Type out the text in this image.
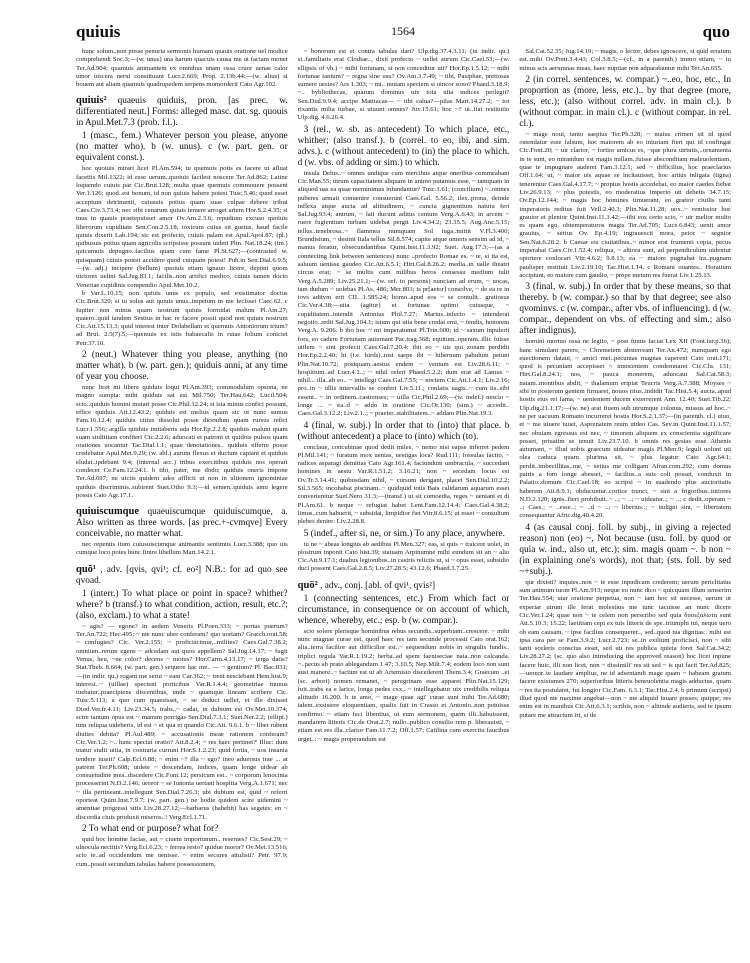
quiuis	1564	quo

hunc solum..non posse penuria sermonis humani quauis oratione uel modice comprehendi Soc.3;—(w. unus) una harum quacuis causa me ut faciam monet Ter.Ad.904; quamuis animantem ex omnibus unam ossa cruor uenae calor umor uiscera nerui constituunt Lucr.2.669; Prop. 2.13b.44;—(w. alius) si bouem aut aliam quamuis quadrupedem serpens momorderit Cato Agr.102.

quiuis² quaeuis quiduis, pron. [as prec. w. differentiated neut.] Forms: alleged masc. dat. sg. quouis in Apul.Met.7.3 (prob. f.l.).

1 (masc., fem.) Whatever person you please, anyone (no matter who). b (w. unus). c (w. part. gen. or equivalent const.).

hoc quoiuis mirari licet Pl.Am.594; tu quemuis potis es facere ut afluat facetiis Mil.1322; id esse uerum..quoiuis facilest noscere Ter.Ad.862; Latine loquendo cuiuis par Cic.Brut.128; multa quae quemuis commouere possent Ver.1.126; quod..est bonum, id non quiuis habere potest Tusc.5.46; quod esset acceptum detrimenti, cuiusuis potius quam suae culpae debere tribui Caes.Civ.3.73.4; nec sibi cenarum quiuis temere arroget artem Hor.S.2.4.35; si tuus in quauis praetepuisset amor Ov.Am.2.3.6; repudium excuso quoiuis liberorum cupiditate Sen.Con.2.5.18; toxicum cuius sit gustus, haud facile quiuis dixerit Lab.194; sic est profecto, cuiuis palam est Apul.Apol.87; (pl.) quibusuis potius quam agricolis scripsisse possunt uideri Plin. Nat.18.24; (tm.) quicumuis depugno..facilius quam cum fame Pl.St.627;—(contrasted w. quisquam) cuiuis potest accidere quod cuiquam potest! Pub.in Sen.Dial.6.9.5;—(w. adj.) incipere (bellum) quoiuis etiam ignauo licere, deponi quom uictores uelint Sal.Jug.83.1; facilis..non artifici medico, cuiuis tamen docto Veneriae cupidinis compendio Apul.Met.10.2.

b Var.L.10.15; non quiuis unus ex populo, sed existimator doctus Cic.Brut.320; si tu solus aut quiuis unus..impetum in me fecisset Caec.62. c Iupiter non minus quam uostrum quiuis formidat malum Pl.Am.27; quaero..quid tandem Sestius in hac re facere possit quod non quiuis nostrum Cic.Att.15.13.3; quid interest inter Dolabellam et quemuis Antoniorum trium? ad Brut. 2.5(7).5;—quemuis ex istis babaecalis in rutae folium coniciet Petr.37.10.

2 (neut.) Whatever thing you please, anything (no matter what). b (w. part. gen.); quiduis anni, at any time of year you choose.

nunc licet mi libere quiduis loqui Pl.Am.393; commodulum opsona, ne magno sumpta: mihi quiduis sat est Mil.750; Ter.Hau.642; Lucil.504; scio..quiduis homini mutari posse Cic.Phil.12.24; si ista minus confici possunt, effice quiduis Att.12.43.2; quiduis est melius quam sic ut nunc sumus Fam.16.12.4; quiduis citius dissolui posse dicendum quam rursus refici Lucr.1.556; argilla quiduis imitaberis uda Hor.Ep.2.2.8; quiduis malunt quam suam stultitiam confiteri Cic.2.2.6; aduocati et patroni et quidois pulsos quam orationes uocantur Tac.Dial.1.1; quae denotationes.. quiduis efferre posse credebatur Apul.Met.9.29; (w. abl.) aurum flexus et ductum capiant et quiduis eludat..ipdebant 9.4; (internal acc.) tribus exercitibus quiduis nos operari condecet Ce.Fam.12.24.1. b tibi, pater, me dodo; quiduis oneris impone Ter.Ad.697; ne uictis quidem ades afflicti ut non in ultionem ignominiae quiduis discriminis..subirent Suet.Otho 9.3;—id semen..quiduis anni legere possis Cato Agr.17.1.

quiuiscumque quaeuiscumque quiduiscumque, a. Also written as three words. [as prec.+-cvmqve] Every conceivable, no matter what.

nec repentis itum cuiusuiscumque animantis sentimus Lucr.3.388; quo uis cumque loco potes hunc finire libellum Mart.14.2.1.

quō¹ , adv. [qvis, qvi¹; cf. eo²] N.B.: for ad quo see qvoad.

1 (interr.) To what place or point in space? whither? where? b (transf.) to what condition, action, result, etc.?; (also, exclam.) to what a state!

~ agis? — egone? in aedem Veneris Pl.Poen.333; ~ portas puerum? Ter.An.722; Hec.495; ~ me nunc uber conferam? quo uortam? Gracch.orat.58; ~ confugies? Cic. Ver.2.155; ~ proficiscimur,..milites? Caes.Gal.7.38.2; omnium..rerum egens ~ adcedam aut quos appellem? Sal.Jug.14.17; ~ fugit Venus, heu, ~ne color? decens ~ motus? Hor.Carm.4.13.17; ~ terga datis? Stat.Theb. 8.664; (w. part. gen.) sequere hac me.. — ~ gentium? Pl. Bac.831;—(in indir. qu.) rogant me serui ~ eam Car.362; ~ irent nesciebant Hem.hist.9; interest..~ (uillae) spectent porticibus Var.R.1.4.4; geometriae munus tuebatur..praecipiens discentibus, unde ~ quamque lineam scribere Cic. Tusc.5.113; a quo cum quaesisset, ~ se deduci uellet, et ille dixisset Diod.Ver.fr.4.11; Liv.23.34.5; trabs..~ cadat, in dubium est Ov.Met.10.374; scire tantum opus est ~ manum porrigas Sen.Dial.7.3.1; Suet.Ner.2.2; (ellipt.) tum reliqua uideberis, id est ~ et qua et quando Cic.Att. 9.6.1. b ~ libet rubent diuites debita? Pl.Aul.489; ~ accusationis meae rationem conferam? Cic.Ver.1.2; ~.. hanc spectat oratio? Att.8.2.4; ~ res haec pertinet?' Illuc: dum utatur stulti uitia, in contraria currunt Hor.S.1.2.23; quid fortia, ~ uos insania tendere iussit? Calp.Ecl.6.88; ~ enim ~? illa ~ ego? ineo aduersus irae ... at patrem Ter.Ph.608; uidete ~ descendam, iudices, quam longe uidear ab consuetudine mea..discedere Cic.Font.12; persicum est.. ~ corporum lenocinia processerint N.D.2.146; uereor ~ se Iunonia uertant hospitia Verg.A.1.671; nec ~ illa pertineant..intellegunt Sen.Dial.7.26.3; ubi dubium est, quid ~ referri oporteat Quint.Inst.7.9.7; (w. part. gen.) ne hodie quidem scire uidemini ~ amentiae progressi sitis Liv.28.27.12;—barbarus (habebit) has segetes: en ~ discordia ciuis produxit miseros..! Verg.Ecl.1.71.

2 To what end or purpose? what for?

quid hoc homine facias, aut ~ ciuem importunum.. reserues? Cic.Sest.29; ~ ulnocula nectitis? Verg.Ecl.6.23; ~ ferrea resto? quidue moror? Ov.Met.13.516; scio te..ad occidendum me uenisse. ~ enim secures attulisti? Petr. 97.9; cum..possit secundum tabulas habere possessionem,

~ bonorum est ei contra tabulas dari? Ulp.dig.37.4.3.11; (in indir. qu.) si..familiaris erat Clodiae.., dixit profecto ~ uellet aurum Cic.Cael.53;—(w. ellipsis of vb.) ~ mihi fortunam, si non conceditur uti? Hor.Ep.1.5.12; ~ mihi fortunae tantum? ~ regna sine usu? Ov.Am.3.7.49; ~ tibi, Pasiphae, pretiosas sumere uestes? Ars 1.303; ~ mi.. mutam speciem si uincor sono? Phaed.3.18.9; ~.. bybliothecas, quarum dominus uix tota uita indices perlegit? Sen.Dial.9.9.4; accipe Mattiacas— ~ tibi calua?—pilas Mart.14.27.2; ~ tot rixantis milia turbae, si uiuunt omnes? Juv.15.61; hoc ~? ut..fiat restitutio Ulp.dig. 4.6.26.4.

3 (rel., w. sb. as antecedent) To which place, etc., whither; (also transf.). b (correl. to eo, ibi, and sim. advs.). c (without antecedent) to (in) the place to which. d (w. vbs. of adding or sim.) to which.

insula Delus..~ omnes undique cum mercibus atque oneribus commeabant Cic.Man.55; utrum capacitatem aliquam in animo putamus esse, ~ tamquam in aliquod uas ea quae meminimus infundantur? Tusc.1.61; (concilium) ~..omnes puberes armati conuenire consuerunt Caes.Gal. 5.56.2; ilex..prona, deinde inflexa atque aucta ad altitudinem, ~ cuncta gignentium natura fert Sal.Jug.93.4; antrum, ~ lati ducunt aditus centum Verg.A.6.43; in arcem ~ ruere fugientium turbam uidebat pergit Liv.4.34.2; 23.35.5; Aug.Anc.5.15; tellus..tenebrosa..~ flammea numquam Sol iuga..mittit V.Fl.3.400; Brundisium, ~ desinit Itala tellus Sil.8.574; capite atque umeris sensim ad id, ~ manus feratur, obsecundantibus Quint.Inst.11.3.92; Suet. Aug.17.3;—(as a connecting link between sentences) nunc ..profecto Romae es. ~ te, si ita est, saluum uenisse gaudeo Cic.Att.6.5.1; Hirt.Gal.8.26.2; media..in ualle theatri circus erat; ~ se multis cum milibus heros consessu medium tulit Verg.A.5.289; Liv.25.21.1;—(w. ref. to persons) nunciam ad erum, ~ uocas, iam dudum ~ uolebas Pl.As. 486; Mer.803; is pr[aetor] consolve, ~ de ea re in iovs aditvm erit CIL 1.585.24; homo..apud eos ~ se contulit.. gratiosus Cic.Ver.4.38;—uita (agitur) et fortunae optimi cuiusque, ~ cupiditatem..intendit Antonius Phil.7.27; Marius..infecto ~ intenderat negotio..redit Sal.Jug.104.1; istum qui uita bene credat emi, ~ tendis, honorem Verg.A. 9.206. b ibo huc ~ mi imperatumst Pl.Trin.600; id ~ saxum inpulerit fors, eo cadere Fortunam autumant Pac.trag.368; equitum..operam..illic fuisse utilem ~ sint profecti Caes.Gal.7.20.4; ibit eo ~ uis qui zonam perdidit Hor.Ep.2.2.40; hi (i.e. birds)..nisi saepe ibi ~ hibernum pabulum petunt Plin.Nat.10.72; postquam..aestus endem ~ ventum est Liv.28.6.11; ~ hospitium..ad Lucr.4.1..; ~ nihil refert Phaed.5.2.2; dum erat ad Lamus ~ nihil... illa..ab eo.. ~ intellegi Caes.Gal.7.55; ~ noctem Cic.Att.1.4.1; Liv.2.16; pro..in ~ ullis intervallis se confert Liv.5.11.; conlatis uagis..~ cum iis..sibi essent.. ~ in ordinem..castrenses; ~ uilla Cic.Phil.2.69;—(w. indef.) nescio ~ longe ... ~ ea..d ~ addo in oratione Cic.Or.130; (sim.) ~ accedit.. Caes.Gal.3.12.2; Liv.2.1..; ~ praeter..stabilitatem..~ addam Plin.Nat.19.3.

4 (final, w. subj.) In order that to (into) that place. b (without antecedent) a place to (into) which (to).

conclaue, concubinae quod dedit miles, ~ nemo nisi eapse inferret pedem Pl.Mil.141; ~ furatum mox uenias, uestigas loca? Rud.111; fossulas facito, ~ radices asparagi demittas Cato Agr.161.4; faciundum umbracula, ~ succedant homines in aestu Var.R.1.51.2; 3.16.21; non ~ secedam locus est Ov.Tr.3.14.41; quibusdam nihil, ~ cursum derigant, placet Sen.Dial.10.2.2; Sil.3.565; incohabat piscinam..~ quidquid totis Bais calidarum aquarum esset converteretur Suet.Nero 31.3;—(transf.) ut sit comoedia, reges ~ ueniant et di Pl.Am.61. b neque ~ refugiat habet Lent.Fam.12.14.4; Caes.Gal.4.38.2; limus..cum habuerit, ~ subsidat, limpidior fiet Vitr.8.6.15; ut esset ~ consultum plebes denire: Liv.2.28.8.

5 (indef., after si, ne, or sim.) To any place, anywhere.

tu ne ~ abeas longius ab aedibus Pl.Men.327; eas, si quis ~ traicere uolet, in plostrum inponit Cato hist.39; statuam Arpinumne mihi eundum sit an ~ alio Cic.Att.9.17.1; duabus legionibus..in castris relictis ut, si ~ opus esset, subsidio duci possent Caes.Gal.2.8.5; Liv.27.28.5; 43.12.6; Phaed.3.7.25.

quō² , adv., conj. [abl. of qvi¹, qvis²]

1 (connecting sentences, etc.) From which fact or circumstance, in consequence or on account of which, whence, whereby, etc.; esp. b (w. compar.).

scio solere plerisque hominibus rebus secundis..superbiam..crescere. ~ mihi nunc magnae curae est, quod haec res tam secunde processit Cato orat.162; alia..terra facilior aut difficilior est..~ sequendum nobis in singulis fundis.. triplici regula Var.R.1.19.2; herba..ad spem faeniseciae nata..non calcanda. ~..pecus ab prato ablegandum 1.47; 3.10.5; Nep.Milt.7.4; eodem loco non sunt ausi manere..~ factum est ut ab Artemisio discederent Them.3.4; Graecum ..ei (sc. arbori) nomen remanet, ~ peregrinam esse apparet Plin.Nat.15.129; fuit..trabs ea e larice, longa pedes cxx.. ~ intellegebatur uix credibilis reliqua altitudo 16.200. b te amo, ~ mage quae agi' curae sunt mihi Ter.Ad.680; talem..exsistere eloquentiam, qualis fuit in Crasso et Antonio..non potuisse confirmo. ~ etiam feci libentius, ut eum sermonem, quem illi..habuissent, mandarem litteris Cic.de Orat.2.7; nullo..publico consilio rem p. liberauisti, ~ etiam est res illa..clarior Fam.11.7.2; Off.1.57; Catilina cum exercitu faucibus urget..: ~ magis properandum est

Sal.Cat.52.35; Jug.14.19; ~ magis, o lector, debes ignoscere, si quid erratum est..mihi Ov.Pont.3.4.43; Col.3.8.5;—(cf., in a parenth.) immo etiam, ~ tu minus scis aerumnas meas, haec nuptiae non adparabantur mihi Ter.An.655.

2 (in correl. sentences, w. compar.) ~..eo, hoc, etc., In proportion as (more, less, etc.).. by that degree (more, less, etc.); (also without correl. adv. in main cl.). b (without compar. in main cl.). c (without compar. in rel. cl.).

~ mage noui, tanto saepius Ter.Ph.328; ~ maius crimen sit id quod ostendatur esse falsum, hoc maiorem ab eo iniuriam fieri qui id confingat Cic.Font.20; ~ uir clarior, ~ fortior amicus es, ~que plura uirtutis,..ornamenta in te sunt, eo mirandum est magis nullam..fuisse absconditam maleuolentiam, quae te impugnare auderet Fam.3.12.1; sed ~ difficilius, hoc praeclarius Off.1.64; ut, ~ maior uis aquae se incitauisset, hoc artius inligata (tigna) tenerentur Caes.Gal.4.17.7; ~ propius hostis accedebat, eo maior caedes fiebat Liv.26.9.13; ~ plus potestis, eo moderatius imperio uti debetis 34.7.15; Ov.Ep.12.144; ~ magis hoc homines timuerant, eo gratior ciuilis tanti imperatoris reditus fuit Vell.2.40.3; Plin.Nat.11.28; uox..~ remissior hoc grauior et plenior Quint.Inst.11.3.42;—tibi eos certo scio, ~ uir melior multo es quam ego, obtemperaturos magis Ter.Ad.705; Luce.6.843; uenit amor grauius, ~ serius Ov. Ep.4.19; ingrauescit mora, peior ~ segnior Sen.Nat.6.28.2. b Caesar eis ciuitatibus..~ minor erat frumenti copia, pecus imperabat Caes.Civ.1.52.4; reliqua, ~ altiora sunt, ad perpendiculum uidentur oportere conlocari Vitr.4.6.2; 9.8.13; ea ~ maiore pugnabat ira..pugnam paulisper restituit Liv.2.19.10; Tac.Hist.1.14. c Romani ouantes.. Horatium accipiunt, eo maiore cum gaudio, ~ prope metum res fuerat Liv.1.25.13.

3 (final, w. subj.) In order that by these means, so that thereby. b (w. compar.) so that by that degree; see also qvominvs. c (w. compar., after vbs. of influencing). d (w. compar., dependent on vbs. of effecting and sim.; also after indignus).

homini mortuo ossa ne legito, ~ post funus faciat Lex XII (Font.iur.p.36); hanc simulant parere, ~ Chremetem absterreant Ter.An.472; numquam ego euectionem dataui, ~ amici mei..pecunias magnas caperent Cato orat.171; quod is pecuniam accepisset ~ innocentem condemnaret Cic.Clu. 131; Hirt.Gal.8.24.1; nos, ~ pauca monerem, aduocaui Sal.Cat.58.3; natam..montibus abdit, ~ thalamum eripiat Teucris Verg.A.7.388; Moyses ~ sibi in posterum gentem firmaret, nouos ritus..indidit Tac.Hist.5.4; aucta..apud hostis eius rei fama, ~ uenientem ducem exterrerent Ann. 12.40; Suet.Tib.22; Ulp.dig.21.1.17;—(w. ne) arat fiuem sub utrumque colonus, missus ad hoc..~ ne per uacuum Romano incurreret hostis Hor.S.2.1.37;—(in parenth. cl.) uiuo, et ~ me uiuere iuuet, Asprenatem reum uideo Cas. Sev.in Quint.Inst.11.1.57; nec obuiam egressus est nec, ~ timorem aliquem ex conscientia significare posset, priuatim se tenuit Liv.23.7.10. b omnis res gestas esse Athenis autumant, ~ illud uobis graecum uideatur magis Pl.Men.9; leguli uolunt uti olea caduca quam plurima sit, ~ plus legatur Cato Agr.64.1; perdit..imbecillitas..me, ~ setius me colligam Afran.com.292; cum domus patris a foro longe abesset, ~ facilius..a suis coli posset, conduxit in Palatio..domum Cic.Cael.18; eo scripsi ~ in suadendo plus auctoritatis haberem Att.8.9.1; obducuntur..cortice trunci, ~ sint a frigoribus..tutiores N.D.2.120; ignis..fieri prohibuit..~ ..; ~ ..; ~ uideatur..; ~ ..; c dedit..operam ~ ..; Caes.; ~ ..esse..; ~ ..d ~ ..; ~ liberius..; ~ indigni sint, ~ libertatem consequantur Afric.dig.40.4.20.

4 (as causal conj. foll. by subj., in giving a rejected reason) non (eo) ~, Not because (usu. foll. by quod or quia w. ind., also ut, etc.); sim. magis quam ~. b non ~ (in explaining one's words), not that; (sts. foll. by sed ~+subj.).

qur dixisti? inquies..non ~ te esse inpudicam crederem; uerum periclitatus sum animum tuom Pl.Am.913; neque eo nunc dico ~ quicquam illum senserim Ter.Hau.554; utar oratione perpetua, non ~ iam hoc sit necesse, uerum ut experiar utrum ille ferat molestius me tunc tacuisse an nunc dicere Cic.Ver.1.24; quae non ~ te celem non perscribo sed quia δυσεξάλωτα sunt Att.5.10.3; 15.22; laetitiam cepi ex tuis litteris de spe..triumphi tui, neque uero ob eam causam, ~ ipse facilius consequerer.., sed..quod tua dignitas.. mihi est ipsa cara per se Fam.3.9.2; Lucr.2.723; se..in exilium proficisci, non ~ sibi tanti sceleris conscius esset, sed uti res publica quieta foret Sal.Cat.34.2; Liv.28.27.2; (sc. quo also introducing the approved reason) hoc licet inpune facere huic, illi non licet, non ~ dissimili' res sit sed ~ is qui facit Ter.Ad.825;—uereor..te laudare amplius, ne id adsentandi mage quam ~ habeam gratum facere existumes 270; superioribus litteris beneuolentia magis adductus, quam ~ res ita postularet, fui longior Cic.Fam. 6.3.1; Tac.Hist.2.4. b primum (scripsi) illud quod me maxime angebat—non ~ me aliquid iuuare posses; quippe; res enim est in manibus Cic.Att.6.3.1; scribis, non ~ aliunde audieris, sed te ipsum putare me attractum iri, si de
